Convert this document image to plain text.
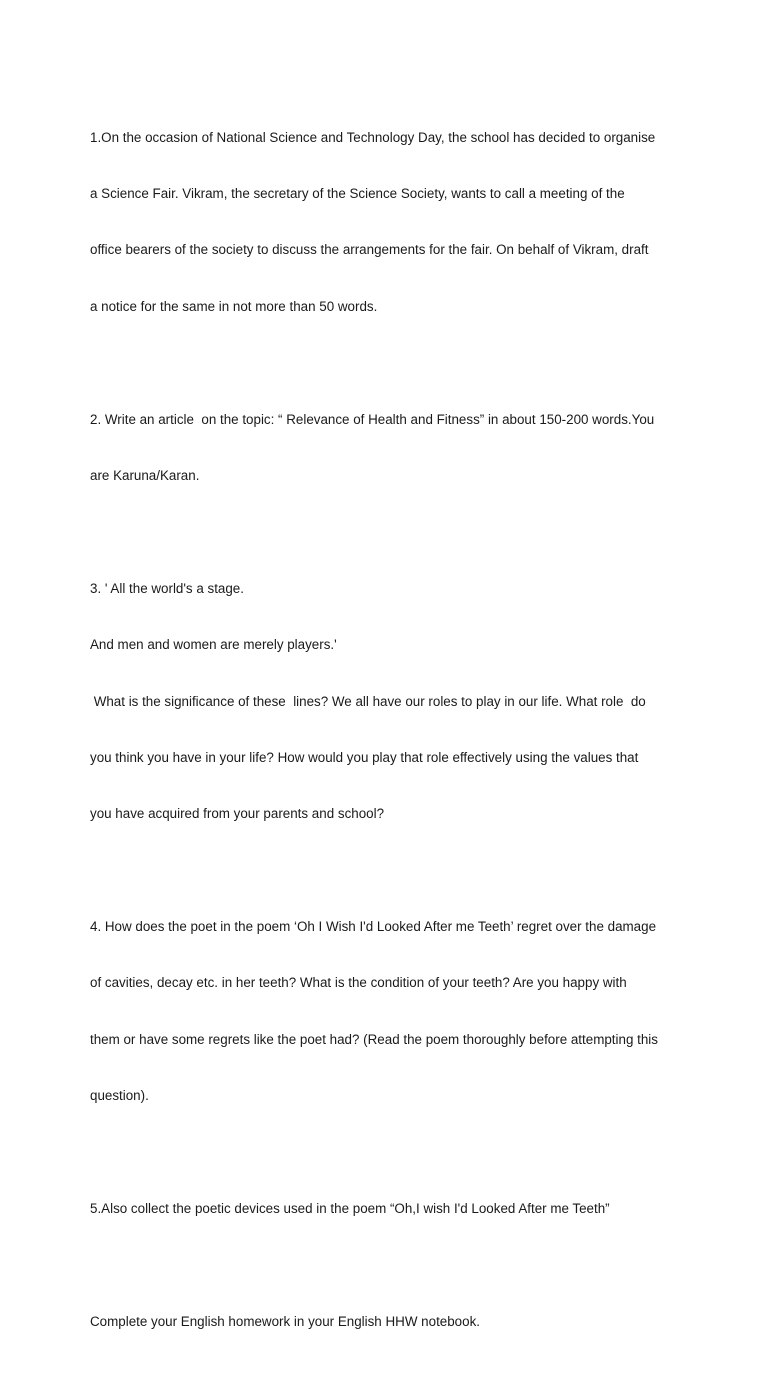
1.On the occasion of National Science and Technology Day, the school has decided to organise

a Science Fair. Vikram, the secretary of the Science Society, wants to call a meeting of the

office bearers of the society to discuss the arrangements for the fair. On behalf of Vikram, draft

a notice for the same in not more than 50 words.

2. Write an article  on the topic: “ Relevance of Health and Fitness” in about 150-200 words.You

are Karuna/Karan.

3. ' All the world's a stage.

And men and women are merely players.'

What is the significance of these  lines? We all have our roles to play in our life. What role  do

you think you have in your life? How would you play that role effectively using the values that

you have acquired from your parents and school?

4. How does the poet in the poem ‘Oh I Wish I'd Looked After me Teeth’ regret over the damage

of cavities, decay etc. in her teeth? What is the condition of your teeth? Are you happy with

them or have some regrets like the poet had? (Read the poem thoroughly before attempting this

question).

5.Also collect the poetic devices used in the poem “Oh,I wish I'd Looked After me Teeth”

Complete your English homework in your English HHW notebook.
